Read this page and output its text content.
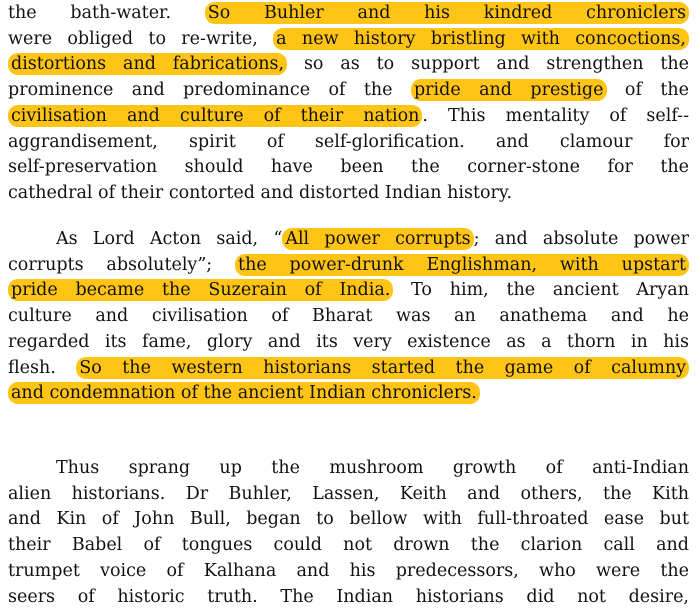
the bath-water. So Buhler and his kindred chroniclers
were obliged to re-write, a new history bristling with concoctions,
distortions and fabrications, so as to support and strengthen the
prominence and predominance of the pride and prestige of the
civilisation and culture of their nation . This mentality of self--
aggrandisement, spirit of self-glorification. and clamour for
self-preservation should have been the corner-stone for the
cathedral of their contorted and distorted Indian history.
As Lord Acton said, “ All power corrupts ; and absolute power
corrupts absolutely”; the power-drunk Englishman, with upstart
pride became the Suzerain of India. To him, the ancient Aryan
culture and civilisation of Bharat was an anathema and he
regarded its fame, glory and its very existence as a thorn in his
flesh. So the western historians started the game of calumny
and condemnation of the ancient Indian chroniclers.
Thus sprang up the mushroom growth of anti-Indian
alien historians. Dr Buhler, Lassen, Keith and others, the Kith
and Kin of John Bull, began to bellow with full-throated ease but
their Babel of tongues could not drown the clarion call and
trumpet voice of Kalhana and his predecessors, who were the
seers of historic truth. The Indian historians did not desire,
